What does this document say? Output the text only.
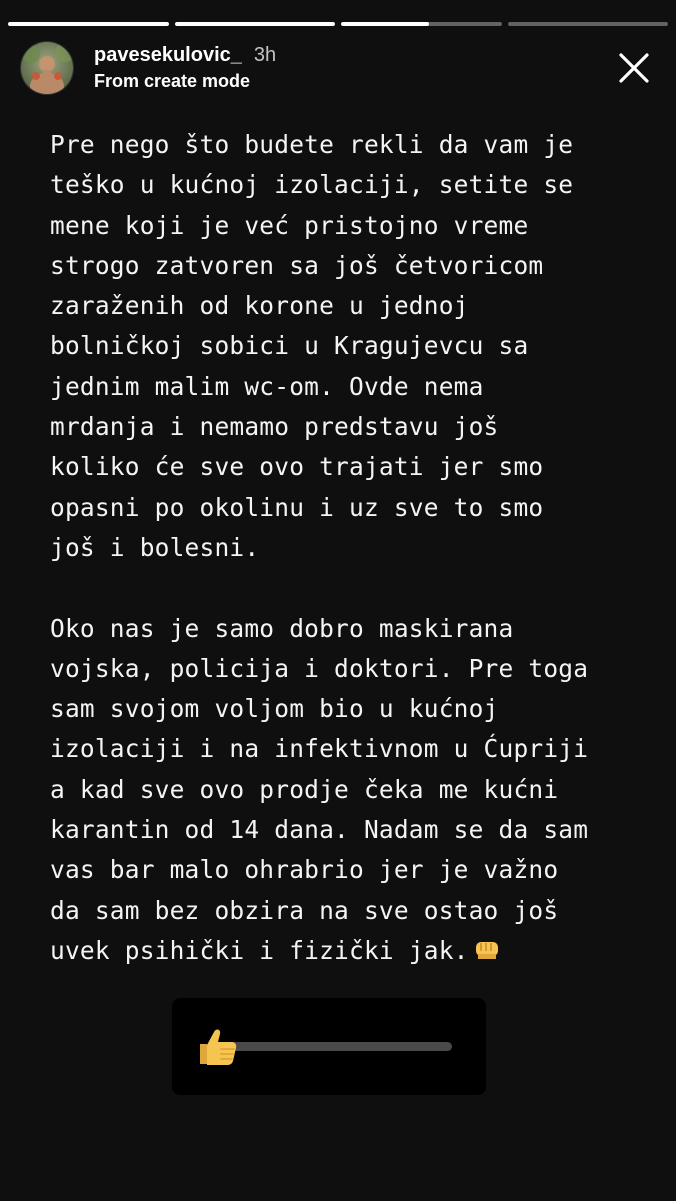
pavesekulovic_ 3h
From create mode
Pre nego što budete rekli da vam je
teško u kućnoj izolaciji, setite se
mene koji je već pristojno vreme
strogo zatvoren sa još četvoricom
zaraženih od korone u jednoj
bolničkoj sobici u Kragujevcu sa
jednim malim wc-om. Ovde nema
mrdanja i nemamo predstavu još
koliko će sve ovo trajati jer smo
opasni po okolinu i uz sve to smo
još i bolesni.
Oko nas je samo dobro maskirana
vojska, policija i doktori. Pre toga
sam svojom voljom bio u kućnoj
izolaciji i na infektivnom u Ćupriji
a kad sve ovo prodje čeka me kućni
karantin od 14 dana. Nadam se da sam
vas bar malo ohrabrio jer je važno
da sam bez obzira na sve ostao još
uvek psihički i fizički jak.
